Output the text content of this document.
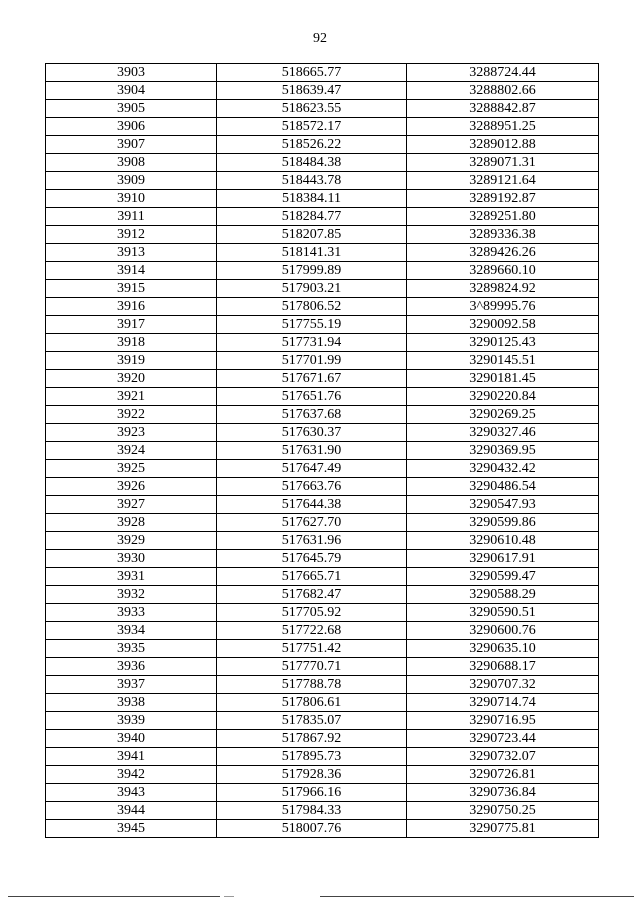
92
3903	518665.77	3288724.44
3904	518639.47	3288802.66
3905	518623.55	3288842.87
3906	518572.17	3288951.25
3907	518526.22	3289012.88
3908	518484.38	3289071.31
3909	518443.78	3289121.64
3910	518384.11	3289192.87
3911	518284.77	3289251.80
3912	518207.85	3289336.38
3913	518141.31	3289426.26
3914	517999.89	3289660.10
3915	517903.21	3289824.92
3916	517806.52	3^89995.76
3917	517755.19	3290092.58
3918	517731.94	3290125.43
3919	517701.99	3290145.51
3920	517671.67	3290181.45
3921	517651.76	3290220.84
3922	517637.68	3290269.25
3923	517630.37	3290327.46
3924	517631.90	3290369.95
3925	517647.49	3290432.42
3926	517663.76	3290486.54
3927	517644.38	3290547.93
3928	517627.70	3290599.86
3929	517631.96	3290610.48
3930	517645.79	3290617.91
3931	517665.71	3290599.47
3932	517682.47	3290588.29
3933	517705.92	3290590.51
3934	517722.68	3290600.76
3935	517751.42	3290635.10
3936	517770.71	3290688.17
3937	517788.78	3290707.32
3938	517806.61	3290714.74
3939	517835.07	3290716.95
3940	517867.92	3290723.44
3941	517895.73	3290732.07
3942	517928.36	3290726.81
3943	517966.16	3290736.84
3944	517984.33	3290750.25
3945	518007.76	3290775.81
